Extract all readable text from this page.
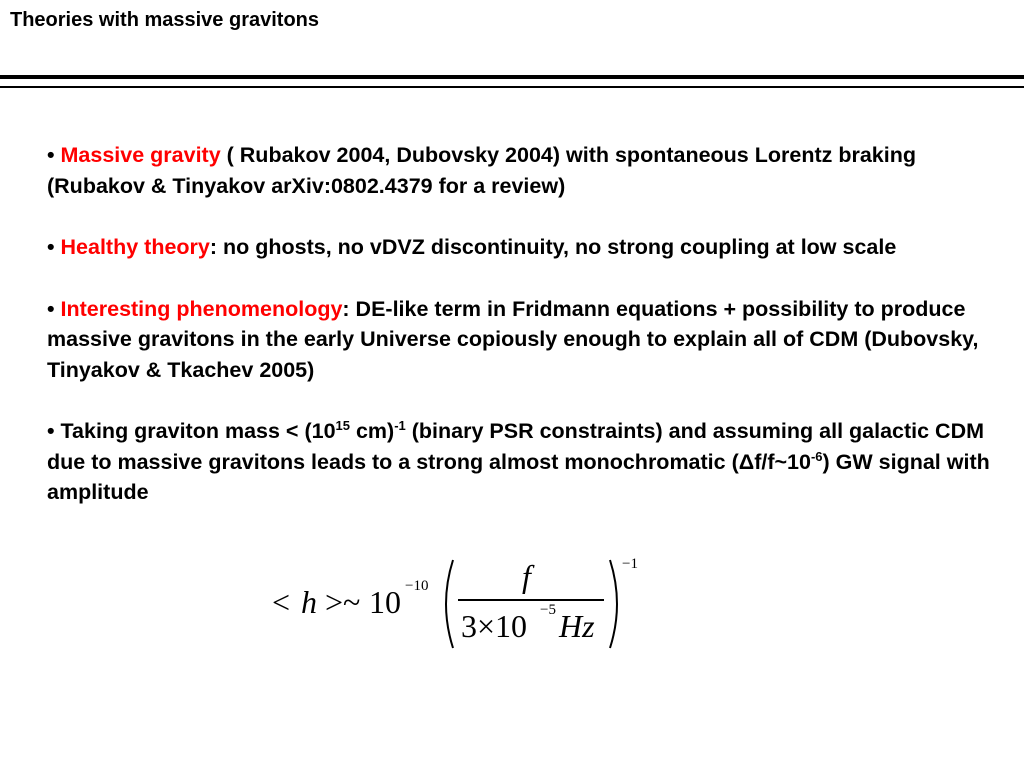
Theories with massive gravitons

• Massive gravity ( Rubakov 2004, Dubovsky 2004) with spontaneous Lorentz braking (Rubakov & Tinyakov arXiv:0802.4379 for a review)

• Healthy theory: no ghosts, no vDVZ discontinuity, no strong coupling at low scale

• Interesting phenomenology: DE-like term in Fridmann equations + possibility to produce massive gravitons in the early Universe copiously enough to explain all of CDM (Dubovsky, Tinyakov & Tkachev 2005)

• Taking graviton mass < ($10^{15}$ cm)$^{-1}$ (binary PSR constraints) and assuming all galactic CDM due to massive gravitons leads to a strong almost monochromatic $(\Delta f/f\sim 10^{-6})$ GW signal with amplitude

< h >~ 10 −10	f
3×10 −5 Hz
−1
